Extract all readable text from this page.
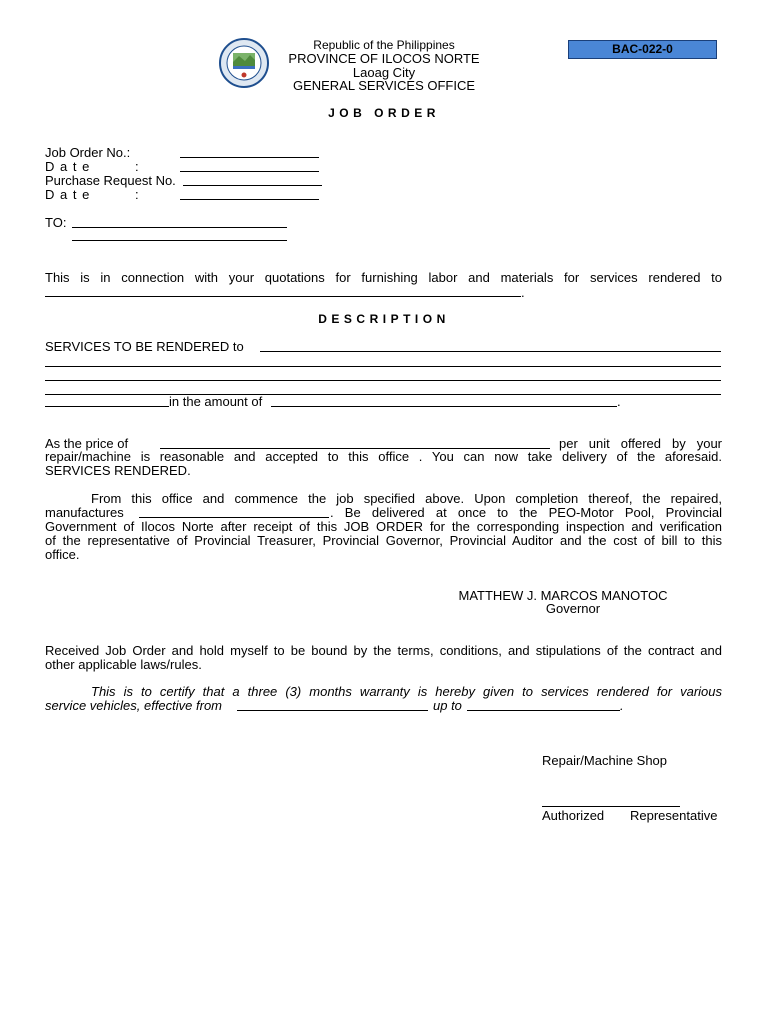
Republic of the Philippines
PROVINCE OF ILOCOS NORTE
Laoag City
GENERAL SERVICES OFFICE
BAC-022-0
JOB ORDER
Job Order No.:
D a t e	:
Purchase Request No.
D a t e	:
TO:
This is in connection with your quotations for furnishing labor and materials for services rendered to
.
DESCRIPTION
SERVICES TO BE RENDERED to
in the amount of	.
As the price of	per unit offered by your
repair/machine is reasonable and accepted to this office . You can now take delivery of the aforesaid.
SERVICES RENDERED.
From this office and commence the job specified above. Upon completion thereof, the repaired,
manufactures	. Be delivered at once to the PEO-Motor Pool, Provincial
Government of Ilocos Norte after receipt of this JOB ORDER for the corresponding inspection and verification
of the representative of Provincial Treasurer, Provincial Governor, Provincial Auditor and the cost of bill to this
office.
MATTHEW J. MARCOS MANOTOC
Governor
Received Job Order and hold myself to be bound by the terms, conditions, and stipulations of the contract and
other applicable laws/rules.
This is to certify that a three (3) months warranty is hereby given to services rendered for various
service vehicles, effective from	up to	.
Repair/Machine Shop
Authorized Representative
